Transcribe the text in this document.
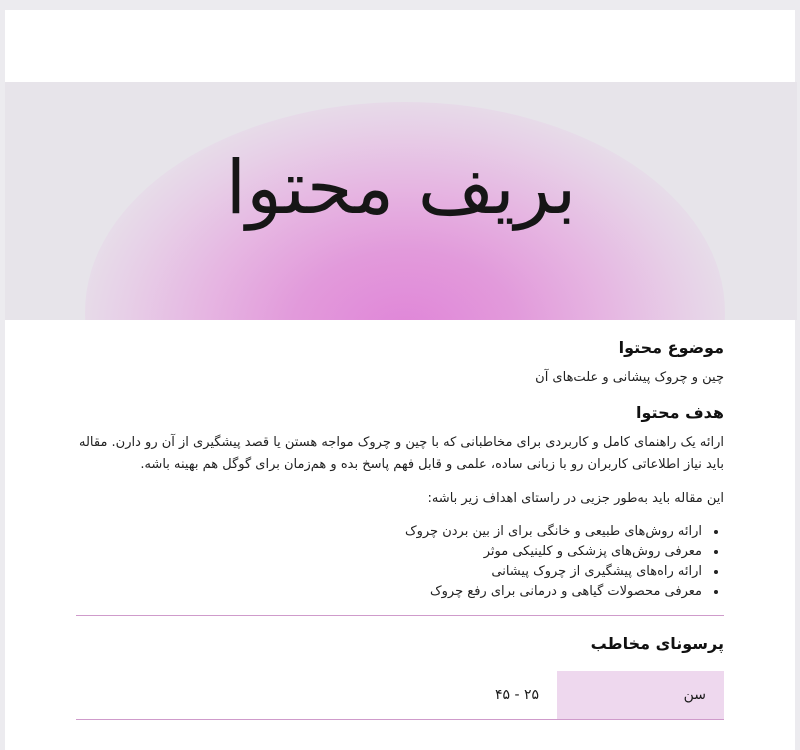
بریف محتوا
موضوع محتوا

چین و چروک پیشانی و علت‌های آن

هدف محتوا

ارائه یک راهنمای کامل و کاربردی برای مخاطبانی که با چین و چروک مواجه هستن یا قصد پیشگیری از آن رو دارن. مقاله باید نیاز اطلاعاتی کاربران رو با زبانی ساده، علمی و قابل فهم پاسخ بده و هم‌زمان برای گوگل هم بهینه باشه.

این مقاله باید به‌طور جزیی در راستای اهداف زیر باشه:

• ارائه روش‌های طبیعی و خانگی برای از بین بردن چروک
• معرفی روش‌های پزشکی و کلینیکی موثر
• ارائه راه‌های پیشگیری از چروک پیشانی
• معرفی محصولات گیاهی و درمانی برای رفع چروک
پرسونای مخاطب
سن	۲۵ - ۴۵
